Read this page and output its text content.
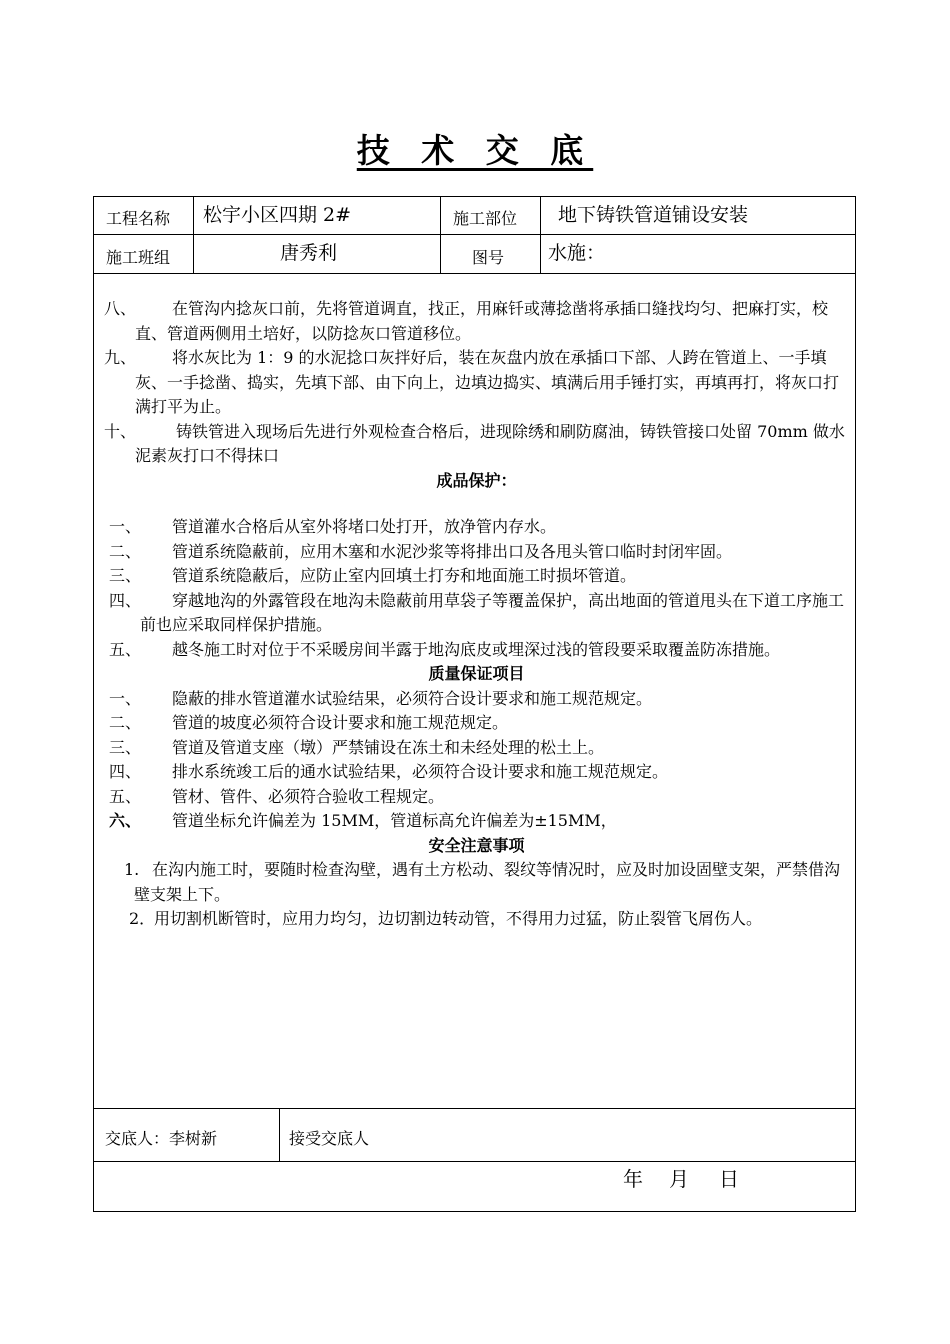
技 术 交 底
工程名称 松宇小区四期 2#	施工部位 地下铸铁管道铺设安装
施工班组	唐秀利	图号 水施：
八、 在管沟内捻灰口前，先将管道调直，找正，用麻钎或薄捻凿将承插口缝找均匀、把麻打实，校直、管道两侧用土培好，以防捻灰口管道移位。
九、 将水灰比为 1：9 的水泥捻口灰拌好后，装在灰盘内放在承插口下部、人跨在管道上、一手填灰、一手捻凿、捣实，先填下部、由下向上，边填边捣实、填满后用手锤打实，再填再打，将灰口打满打平为止。
十、 铸铁管进入现场后先进行外观检查合格后，进现除绣和刷防腐油，铸铁管接口处留 70mm 做水泥素灰打口不得抹口

成品保护：

一、 管道灌水合格后从室外将堵口处打开，放净管内存水。
二、 管道系统隐蔽前，应用木塞和水泥沙浆等将排出口及各甩头管口临时封闭牢固。
三、 管道系统隐蔽后，应防止室内回填土打夯和地面施工时损坏管道。
四、 穿越地沟的外露管段在地沟未隐蔽前用草袋子等覆盖保护，高出地面的管道甩头在下道工序施工前也应采取同样保护措施。
五、 越冬施工时对位于不采暖房间半露于地沟底皮或埋深过浅的管段要采取覆盖防冻措施。

质量保证项目

一、 隐蔽的排水管道灌水试验结果，必须符合设计要求和施工规范规定。
二、 管道的坡度必须符合设计要求和施工规范规定。
三、 管道及管道支座（墩）严禁铺设在冻土和未经处理的松土上。
四、 排水系统竣工后的通水试验结果，必须符合设计要求和施工规范规定。
五、 管材、管件、必须符合验收工程规定。
六、 管道坐标允许偏差为 15MM，管道标高允许偏差为±15MM，

安全注意事项

1. 在沟内施工时，要随时检查沟壁，遇有土方松动、裂纹等情况时，应及时加设固壁支架，严禁借沟壁支架上下。
2．
用切割机断管时，应用力均匀，边切割边转动管，不得用力过猛，防止裂管飞屑伤人。
交底人：李树新	接受交底人
年 月 日
